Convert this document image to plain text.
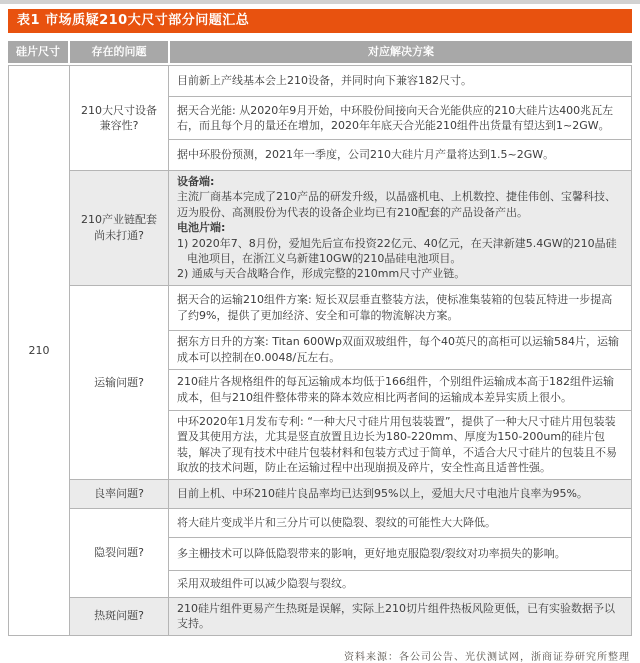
表1 市场质疑210大尺寸部分问题汇总
硅片尺寸	存在的问题	对应解决方案
210	210大尺寸设备兼容性?	目前新上产线基本会上210设备，并同时向下兼容182尺寸。
		据天合光能: 从2020年9月开始，中环股份间接向天合光能供应的210大硅片达400兆瓦左右，而且每个月的量还在增加，2020年年底天合光能210组件出货量有望达到1~2GW。
		据中环股份预测，2021年一季度，公司210大硅片月产量将达到1.5~2GW。
	210产业链配套尚未打通?	设备端:
主流厂商基本完成了210产品的研发升级，以晶盛机电、上机数控、捷佳伟创、宝馨科技、迈为股份、高测股份为代表的设备企业均已有210配套的产品设备产出。
电池片端:
1) 2020年7、8月份，爱旭先后宣布投资22亿元、40亿元，在天津新建5.4GW的210晶硅电池项目，在浙江义乌新建10GW的210晶硅电池项目。
2) 通威与天合战略合作，形成完整的210mm尺寸产业链。

	运输问题?	据天合的运输210组件方案: 短长双层垂直整装方法，使标准集装箱的包装瓦特进一步提高了约9%，提供了更加经济、安全和可靠的物流解决方案。
		据东方日升的方案: Titan 600Wp双面双玻组件，每个40英尺的高柜可以运输584片，运输成本可以控制在0.0048/瓦左右。
		210硅片各规格组件的每瓦运输成本均低于166组件，个别组件运输成本高于182组件运输成本，但与210组件整体带来的降本效应相比两者间的运输成本差异实质上很小。
		中环2020年1月发布专利: “一种大尺寸硅片用包装装置”，提供了一种大尺寸硅片用包装装置及其使用方法，尤其是竖直放置且边长为180-220mm、厚度为150-200um的硅片包装，解决了现有技术中硅片包装材料和包装方式过于简单，不适合大尺寸硅片的包装且不易取放的技术问题，防止在运输过程中出现崩损及碎片，安全性高且适普性强。
	良率问题?	目前上机、中环210硅片良品率均已达到95%以上，爱旭大尺寸电池片良率为95%。
	隐裂问题?	将大硅片变成半片和三分片可以使隐裂、裂纹的可能性大大降低。
		多主栅技术可以降低隐裂带来的影响，更好地克服隐裂/裂纹对功率损失的影响。
		采用双玻组件可以减少隐裂与裂纹。
	热斑问题?	210硅片组件更易产生热斑是误解，实际上210切片组件热板风险更低，已有实验数据予以支持。
资料来源：各公司公告、光伏测试网，浙商证券研究所整理
